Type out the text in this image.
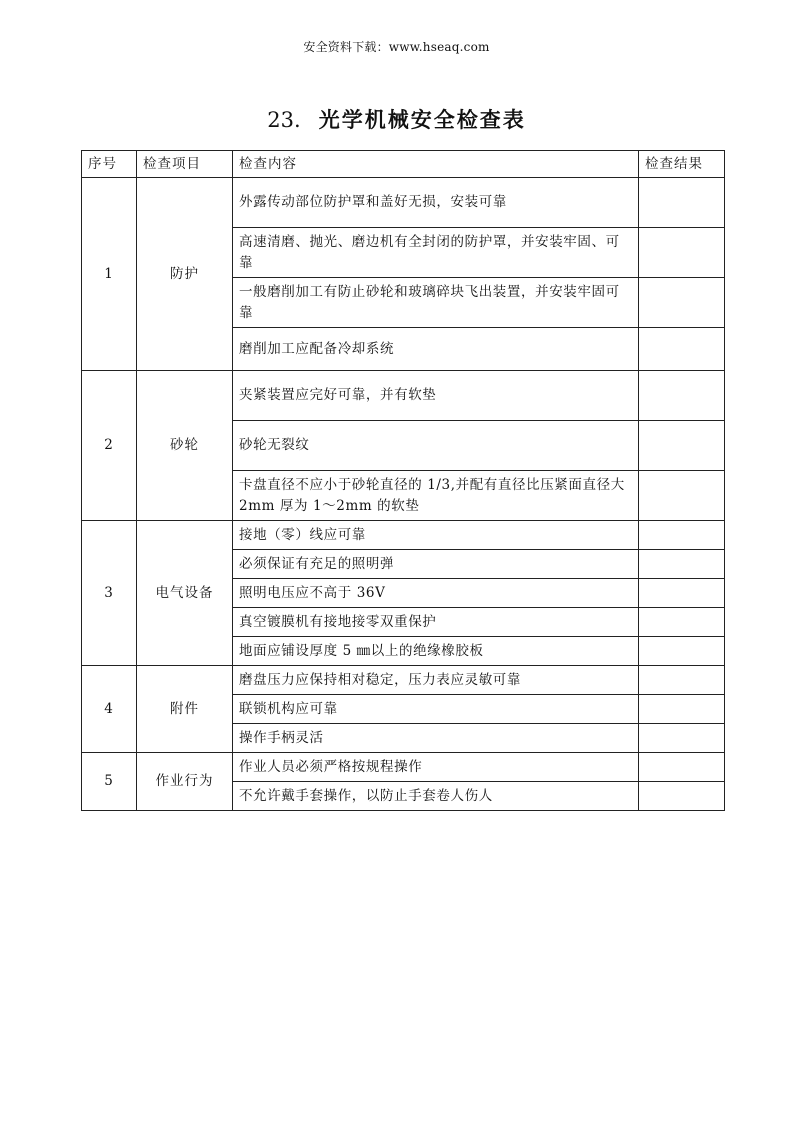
安全资料下载：www.hseaq.com
23. 光学机械安全检查表
序号	检查项目	检查内容	检查结果
1	防护	外露传动部位防护罩和盖好无损，安装可靠	
		高速清磨、抛光、磨边机有全封闭的防护罩，并安装牢固、可靠	
		一般磨削加工有防止砂轮和玻璃碎块飞出装置，并安装牢固可靠	
		磨削加工应配备冷却系统	
2	砂轮	夹紧装置应完好可靠，并有软垫	
		砂轮无裂纹	
		卡盘直径不应小于砂轮直径的 1/3,并配有直径比压紧面直径大 2mm 厚为 1～2mm 的软垫	
3	电气设备	接地（零）线应可靠	
		必须保证有充足的照明弹	
		照明电压应不高于 36V	
		真空镀膜机有接地接零双重保护	
		地面应铺设厚度 5 ㎜以上的绝缘橡胶板	
4	附件	磨盘压力应保持相对稳定，压力表应灵敏可靠	
		联锁机构应可靠	
		操作手柄灵活	
5	作业行为	作业人员必须严格按规程操作	
		不允许戴手套操作，以防止手套卷人伤人	
